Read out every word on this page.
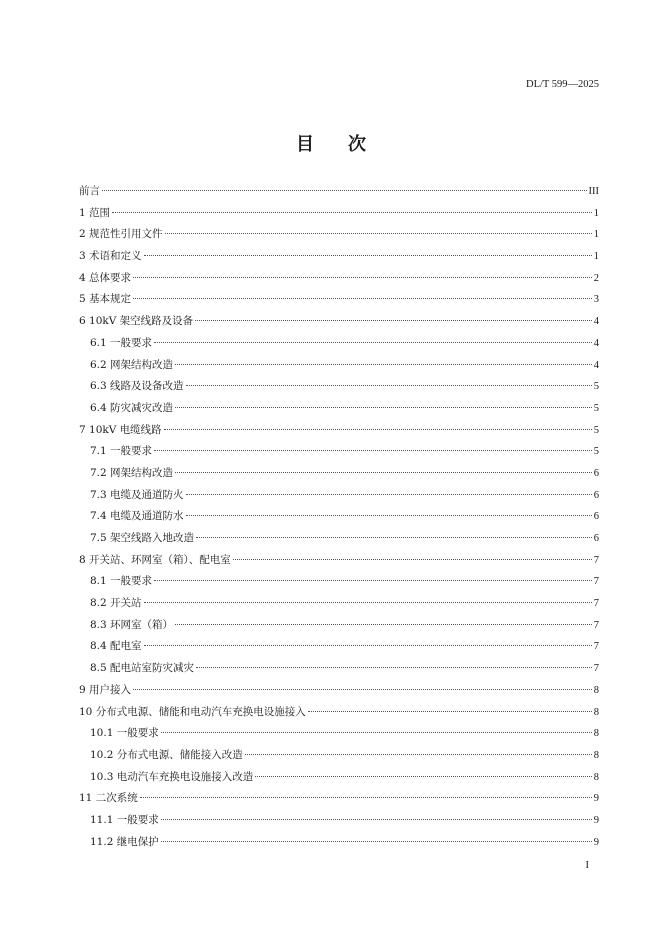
DL/T 599—2025
目次
前言	III
1 范围	1
2 规范性引用文件	1
3 术语和定义	1
4 总体要求	2
5 基本规定	3
6 10kV 架空线路及设备	4
6.1 一般要求	4
6.2 网架结构改造	4
6.3 线路及设备改造	5
6.4 防灾减灾改造	5
7 10kV 电缆线路	5
7.1 一般要求	5
7.2 网架结构改造	6
7.3 电缆及通道防火	6
7.4 电缆及通道防水	6
7.5 架空线路入地改造	6
8 开关站、环网室（箱）、配电室	7
8.1 一般要求	7
8.2 开关站	7
8.3 环网室（箱）	7
8.4 配电室	7
8.5 配电站室防灾减灾	7
9 用户接入	8
10 分布式电源、储能和电动汽车充换电设施接入	8
10.1 一般要求	8
10.2 分布式电源、储能接入改造	8
10.3 电动汽车充换电设施接入改造	8
11 二次系统	9
11.1 一般要求	9
11.2 继电保护	9
I
